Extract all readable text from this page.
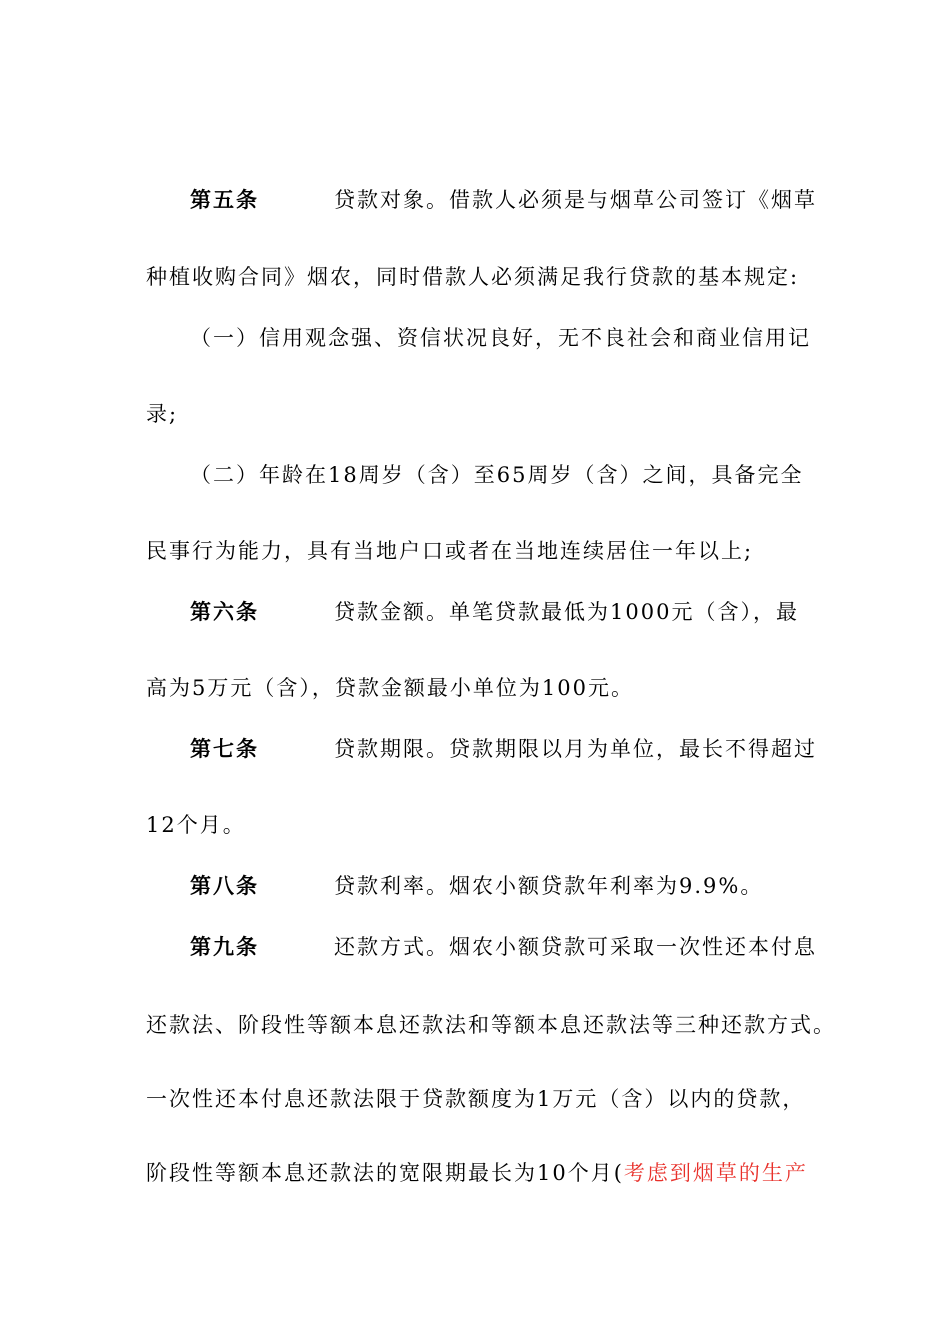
第五条	贷款对象。借款人必须是与烟草公司签订《烟草
种植收购合同》烟农，同时借款人必须满足我行贷款的基本规定:
（一）信用观念强、资信状况良好，无不良社会和商业信用记
录;
（二）年龄在18周岁（含）至65周岁（含）之间，具备完全
民事行为能力，具有当地户口或者在当地连续居住一年以上;
第六条	贷款金额。单笔贷款最低为1000元（含），最
高为5万元（含），贷款金额最小单位为100元。
第七条	贷款期限。贷款期限以月为单位，最长不得超过
12个月。
第八条	贷款利率。烟农小额贷款年利率为9.9%。
第九条	还款方式。烟农小额贷款可采取一次性还本付息
还款法、阶段性等额本息还款法和等额本息还款法等三种还款方式。
一次性还本付息还款法限于贷款额度为1万元（含）以内的贷款，
阶段性等额本息还款法的宽限期最长为10个月(考虑到烟草的生产
